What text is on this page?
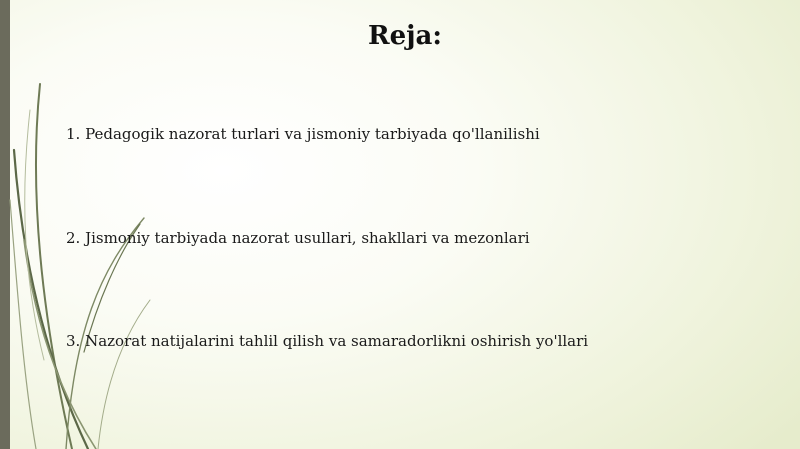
Reja:
1. Pedagogik nazorat turlari va jismoniy tarbiyada qo'llanilishi
2. Jismoniy tarbiyada nazorat usullari, shakllari va mezonlari
3. Nazorat natijalarini tahlil qilish va samaradorlikni oshirish yo'llari
